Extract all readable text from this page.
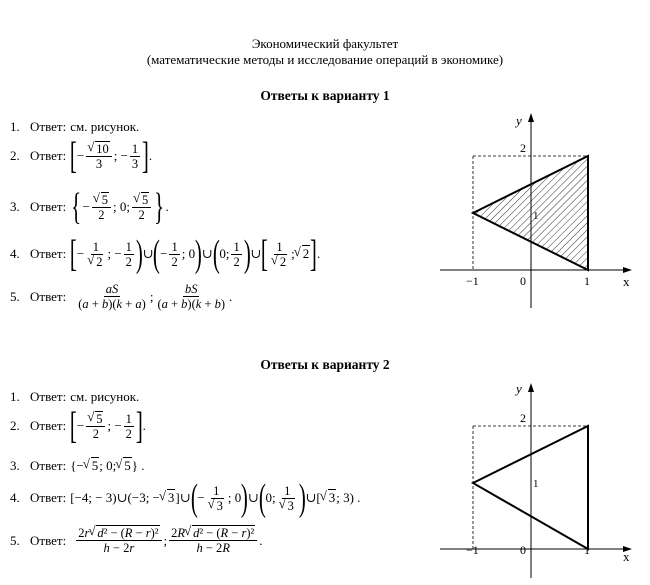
Экономический факультет
(математические методы и исследование операций в экономике)
Ответы к варианту 1
1. Ответ: см. рисунок.
2. Ответ: [ − √ $\frac{10}{3}$ ; − $\frac{1}{3}$ ] .
3. Ответ: { − √ $\frac{5}{2}$ ; 0; √ $\frac{5}{2}$ } .
4. Ответ: [ − 1
√ 2 ; − $\frac{1}{2}$ ) ∪ ( − $\frac{1}{2}$ ; 0 ) ∪ ( 0; $\frac{1}{2}$ ) ∪ [ 1
√ 2 ; √ 2 ] .
5. Ответ: $\frac{aS}{(a + b)(k + a)}$ ; $\frac{bS}{(a + b)(k + b)}$ .
y
x
−1	0	1
2
1
Ответы к варианту 2
1. Ответ: см. рисунок.
2. Ответ: [ − √ $\frac{5}{2}$ ; − $\frac{1}{2}$ ] .
3. Ответ: {− √ 5 ; 0; √ 5 } .
4. Ответ: [−4; − 3)∪(−3; − √ 3 ]∪ ( − 1
√ 3 ; 0 ) ∪ ( 0; 1
√ 3 ) ∪[ √ 3 ; 3) .
5. Ответ: $\frac{\text{2r √ d² − (R − r)²}}{h - 2r}$ ; $\frac{\text{2R √ d² − (R − r)²}}{h - 2R}$ .
y
x
−1	0	1
2
1
